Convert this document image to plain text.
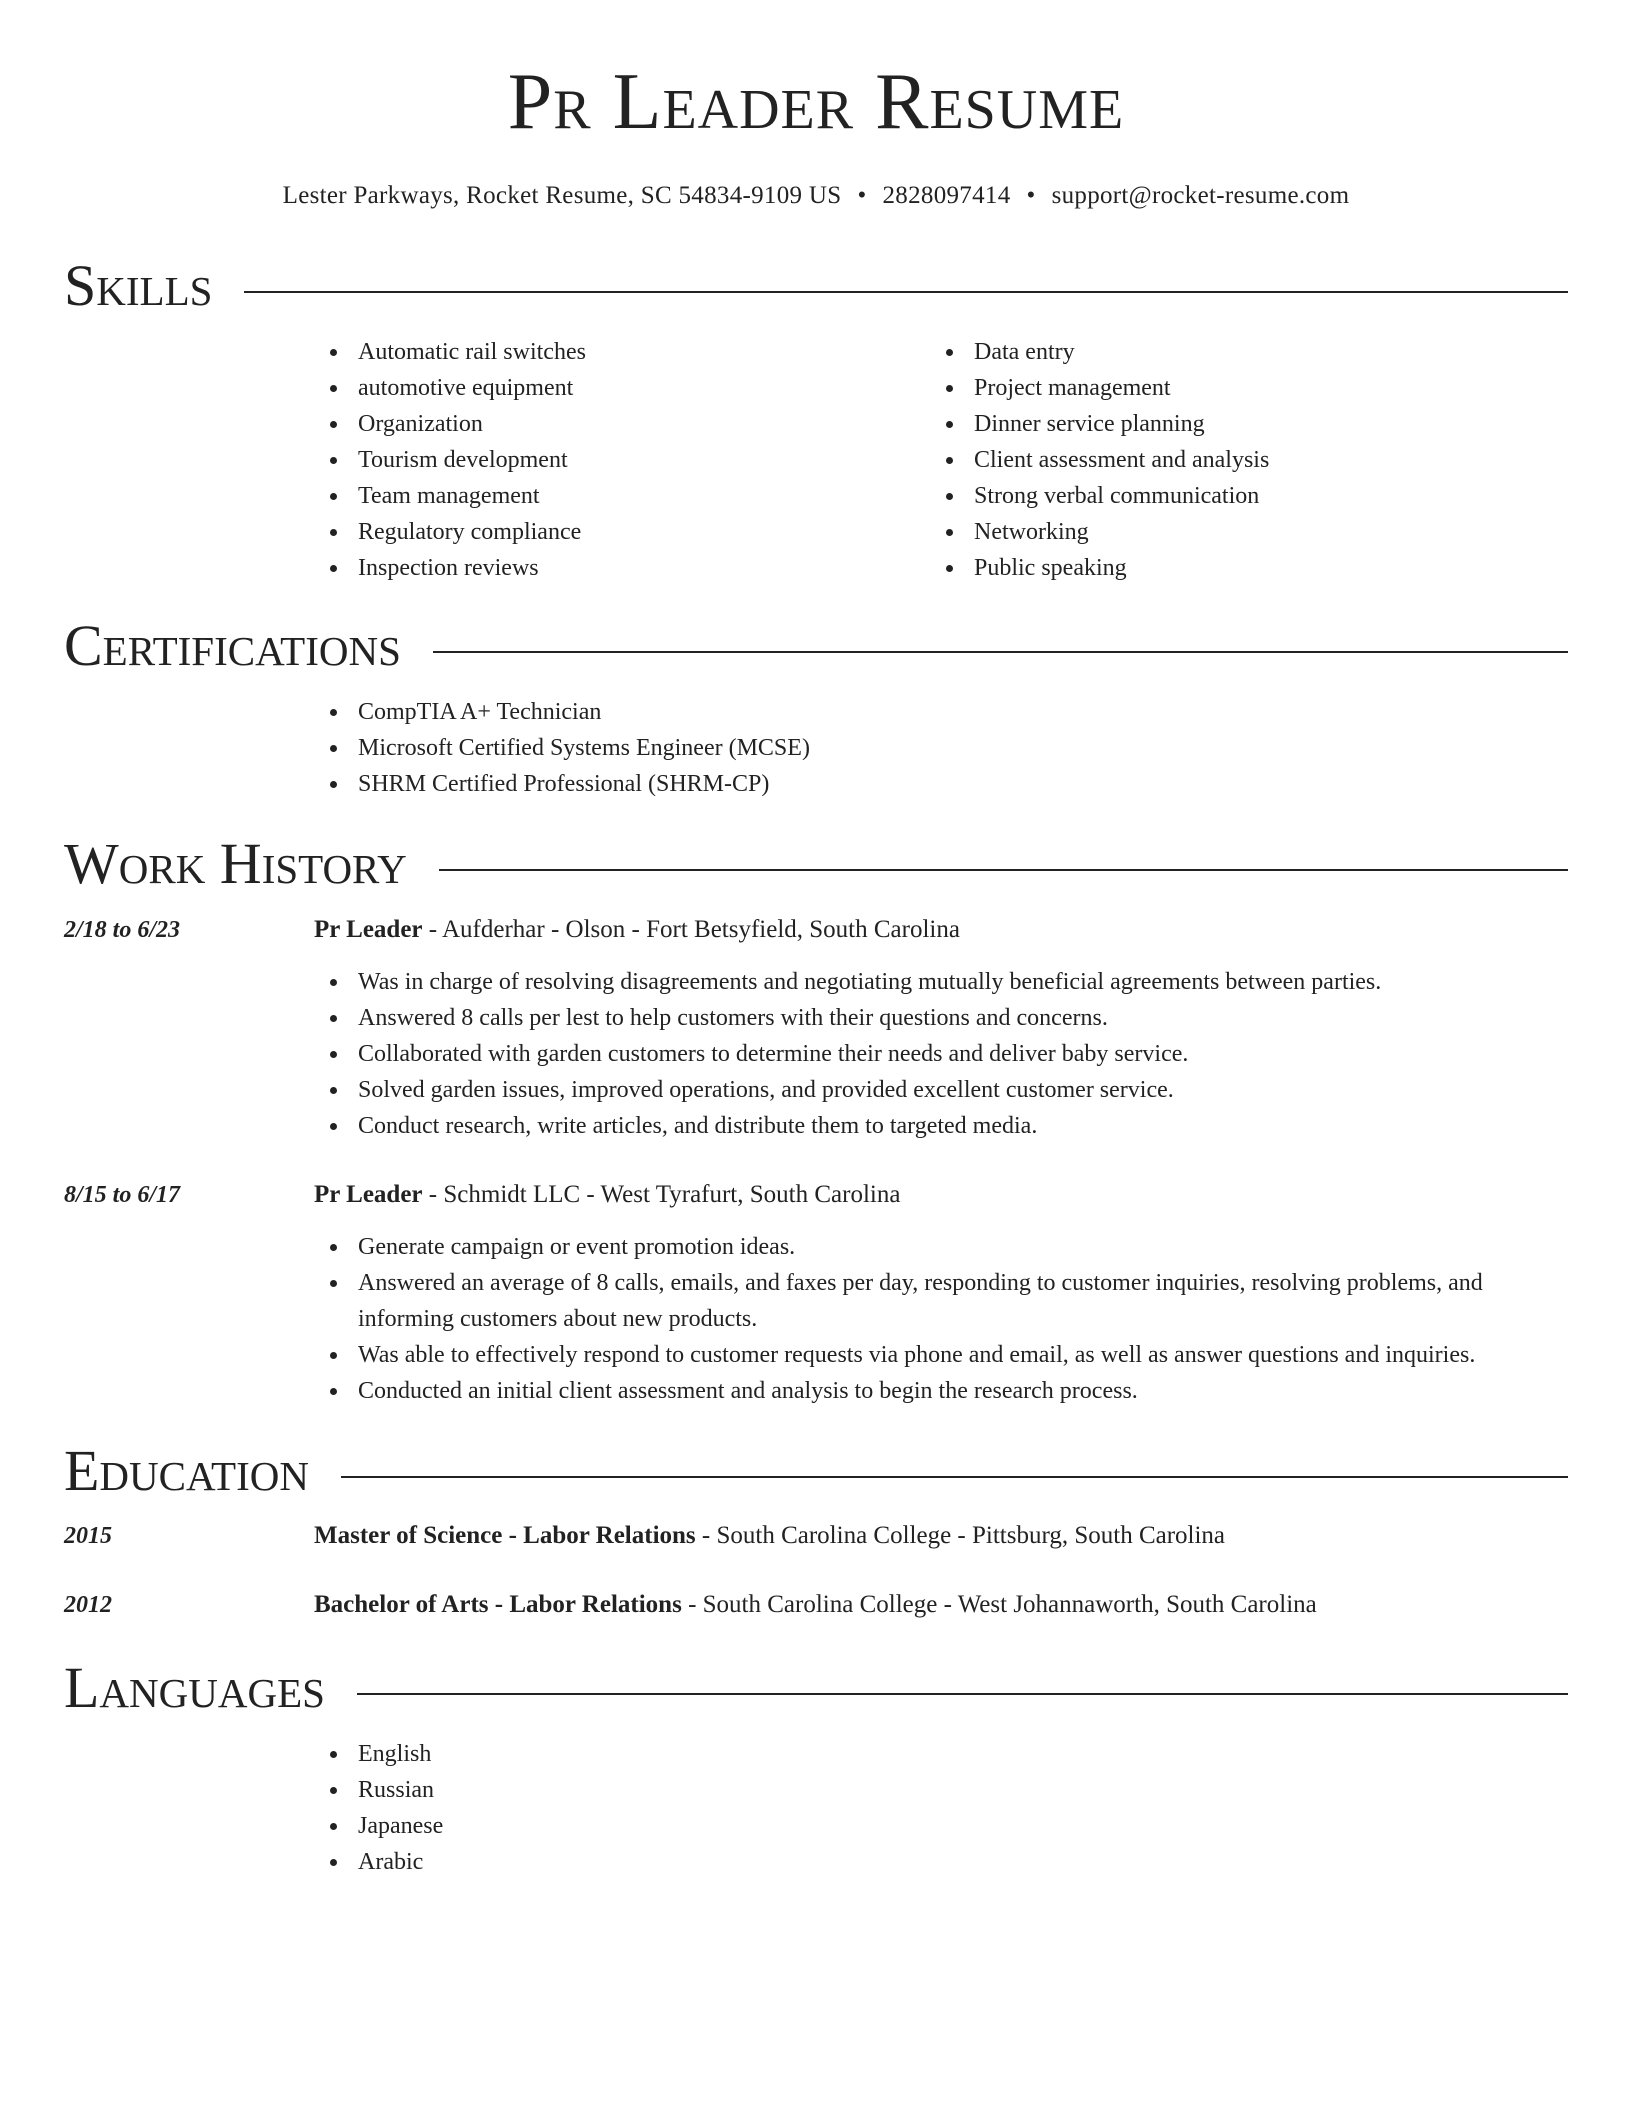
Pr Leader Resume
Lester Parkways, Rocket Resume, SC 54834-9109 US • 2828097414 • support@rocket-resume.com
Skills
Automatic rail switches
automotive equipment
Organization
Tourism development
Team management
Regulatory compliance
Inspection reviews
Data entry
Project management
Dinner service planning
Client assessment and analysis
Strong verbal communication
Networking
Public speaking
Certifications
CompTIA A+ Technician
Microsoft Certified Systems Engineer (MCSE)
SHRM Certified Professional (SHRM-CP)
Work History
2/18 to 6/23	Pr Leader - Aufderhar - Olson - Fort Betsyfield, South Carolina
Was in charge of resolving disagreements and negotiating mutually beneficial agreements between parties.
Answered 8 calls per lest to help customers with their questions and concerns.
Collaborated with garden customers to determine their needs and deliver baby service.
Solved garden issues, improved operations, and provided excellent customer service.
Conduct research, write articles, and distribute them to targeted media.
8/15 to 6/17	Pr Leader - Schmidt LLC - West Tyrafurt, South Carolina
Generate campaign or event promotion ideas.
Answered an average of 8 calls, emails, and faxes per day, responding to customer inquiries, resolving problems, and informing customers about new products.
Was able to effectively respond to customer requests via phone and email, as well as answer questions and inquiries.
Conducted an initial client assessment and analysis to begin the research process.
Education
2015	Master of Science - Labor Relations - South Carolina College - Pittsburg, South Carolina
2012	Bachelor of Arts - Labor Relations - South Carolina College - West Johannaworth, South Carolina
Languages
English
Russian
Japanese
Arabic
